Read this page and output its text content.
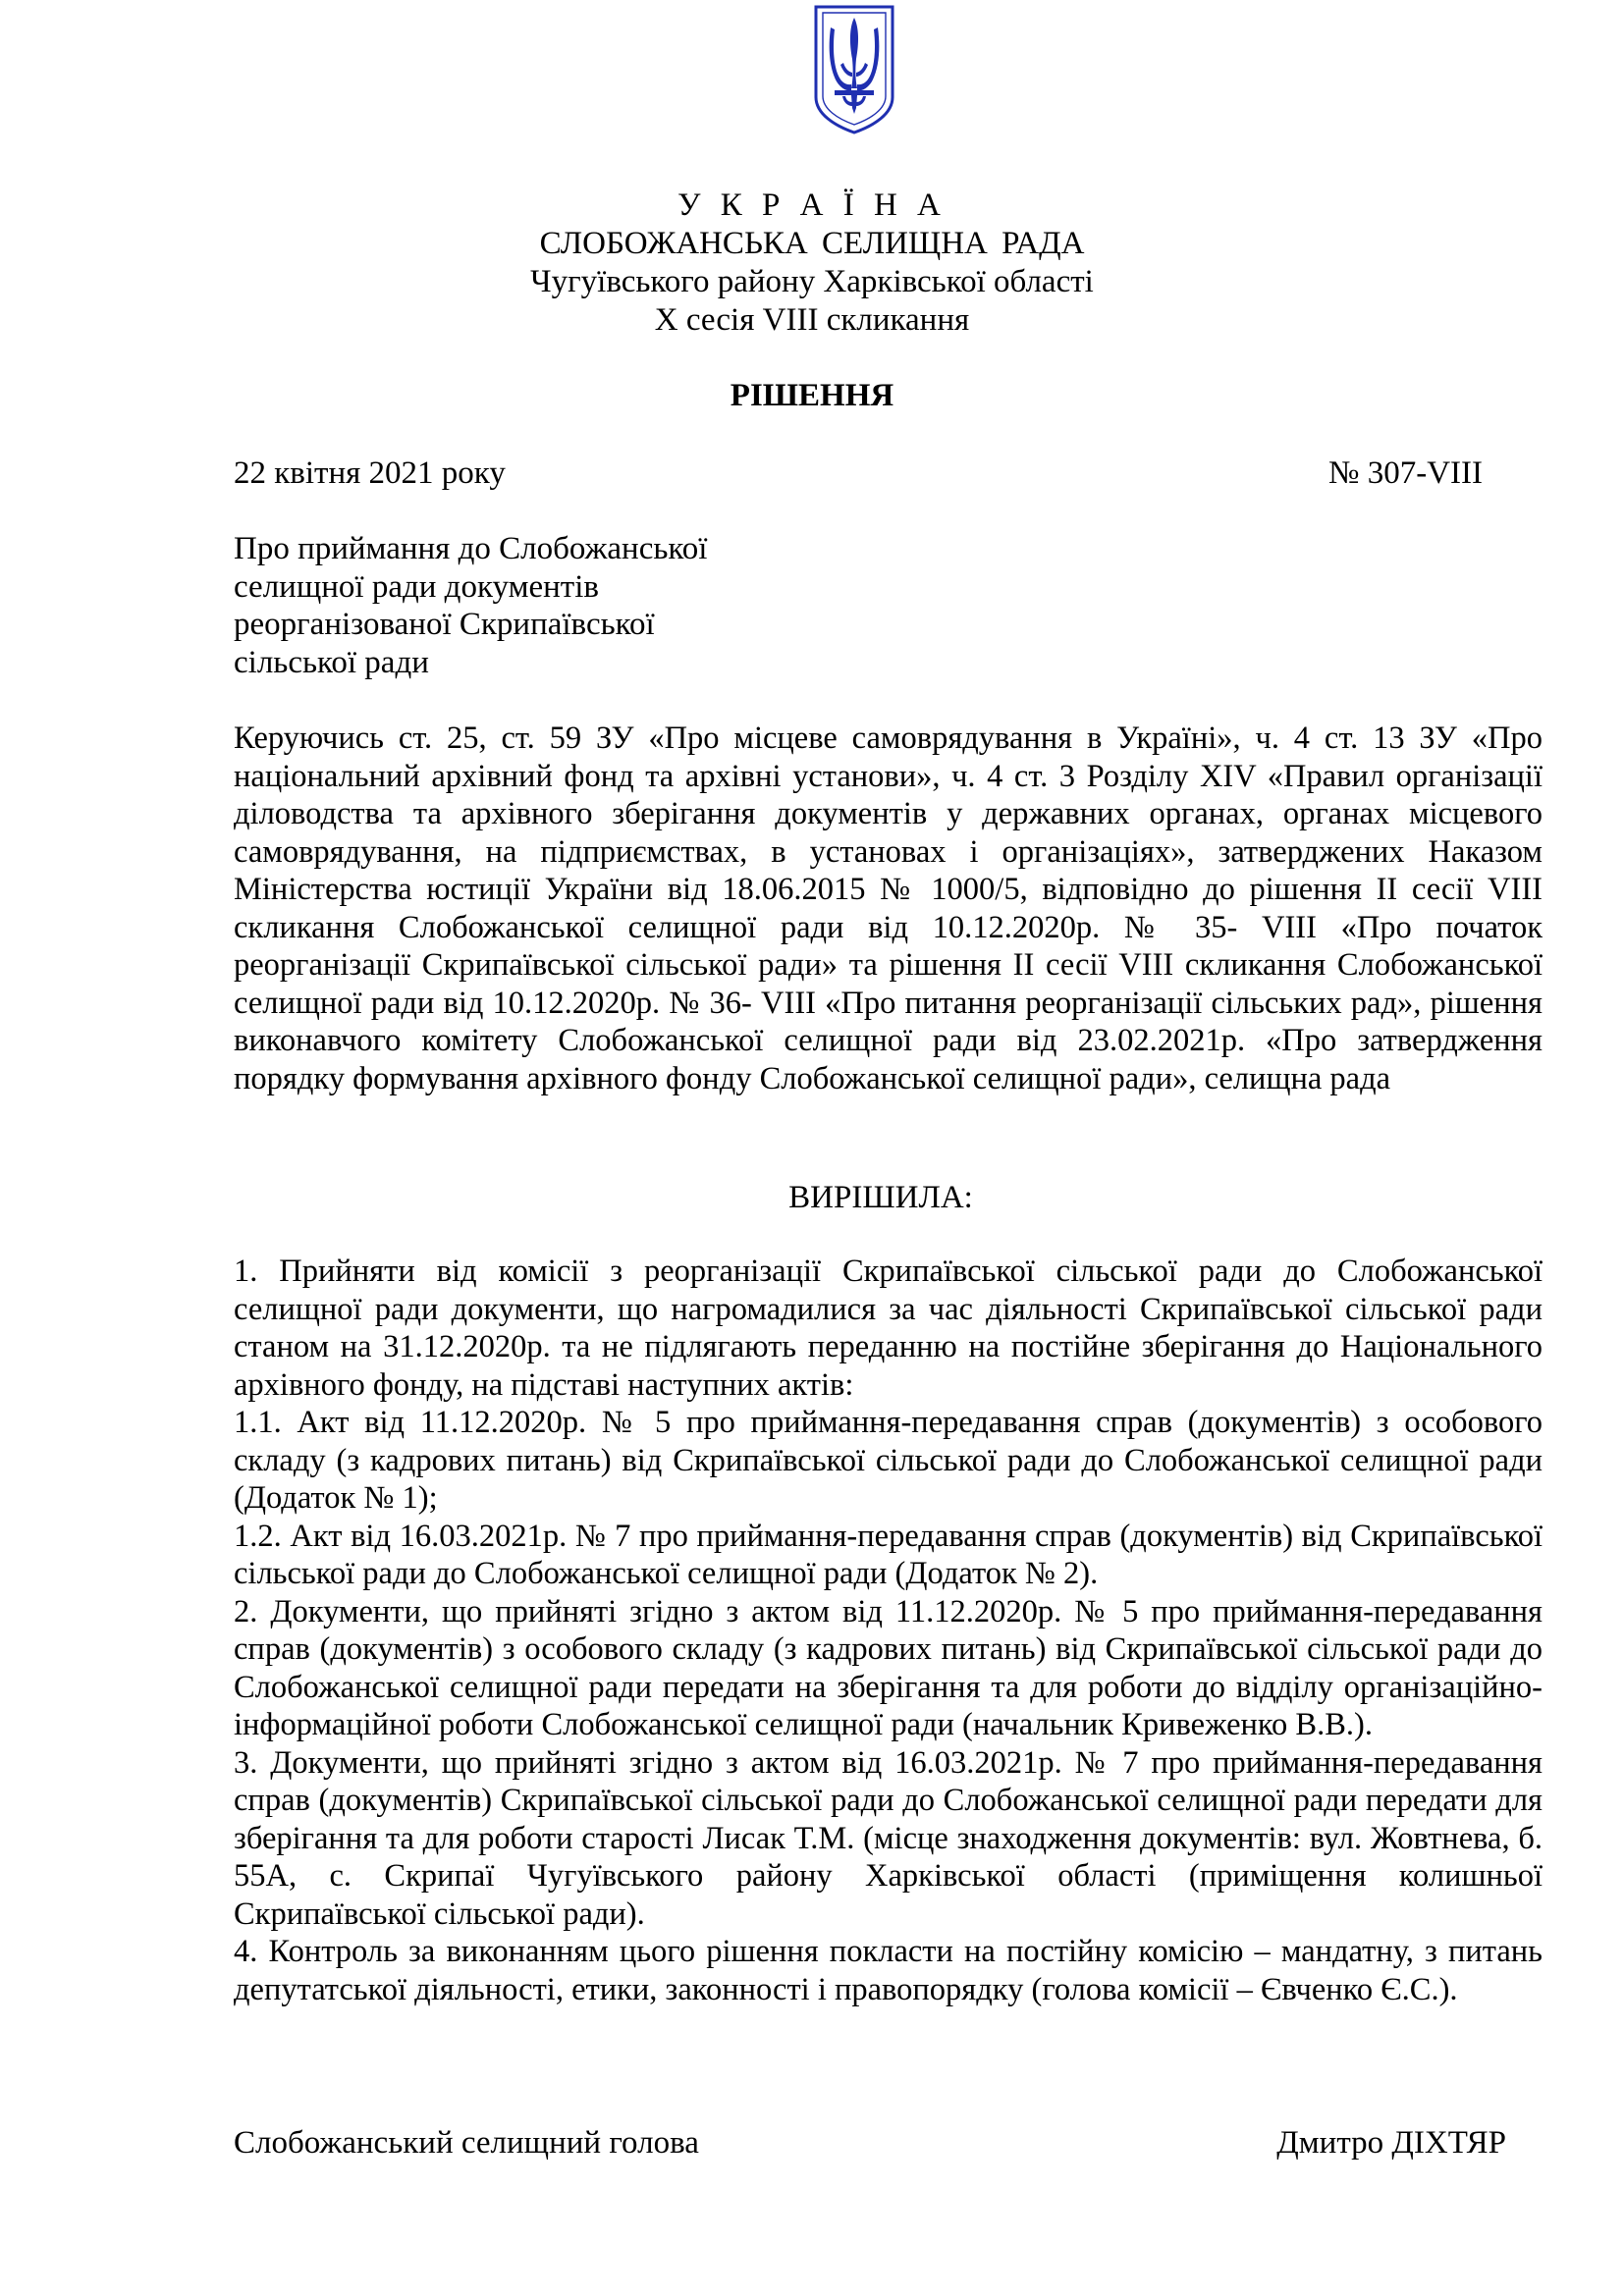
У К Р А Ї Н А
СЛОБОЖАНСЬКА СЕЛИЩНА РАДА
Чугуївського району Харківської області
Х сесія VIII скликання
РІШЕННЯ
22 квітня 2021 року	№ 307-VIII
Про приймання до Слобожанської
селищної ради документів
реорганізованої Скрипаївської
сільської ради
Керуючись ст. 25, ст. 59 ЗУ «Про місцеве самоврядування в Україні», ч. 4 ст. 13 ЗУ «Про національний архівний фонд та архівні установи», ч. 4 ст. 3 Розділу XIV «Правил організації діловодства та архівного зберігання документів у державних органах, органах місцевого самоврядування, на підприємствах, в установах і організаціях», затверджених Наказом Міністерства юстиції України від 18.06.2015 № 1000/5, відповідно до рішення ІІ сесії VIII скликання Слобожанської селищної ради від 10.12.2020р. № 35- VIII «Про початок реорганізації Скрипаївської сільської ради» та рішення ІІ сесії VIII скликання Слобожанської селищної ради від 10.12.2020р. № 36- VIII «Про питання реорганізації сільських рад», рішення виконавчого комітету Слобожанської селищної ради від 23.02.2021р. «Про затвердження порядку формування архівного фонду Слобожанської селищної ради», селищна рада
ВИРІШИЛА:

1. Прийняти від комісії з реорганізації Скрипаївської сільської ради до Слобожанської селищної ради документи, що нагромадилися за час діяльності Скрипаївської сільської ради станом на 31.12.2020р. та не підлягають переданню на постійне зберігання до Національного архівного фонду, на підставі наступних актів:

1.1. Акт від 11.12.2020р. № 5 про приймання-передавання справ (документів) з особового складу (з кадрових питань) від Скрипаївської сільської ради до Слобожанської селищної ради (Додаток № 1);

1.2. Акт від 16.03.2021р. № 7 про приймання-передавання справ (документів) від Скрипаївської сільської ради до Слобожанської селищної ради (Додаток № 2).

2. Документи, що прийняті згідно з актом від 11.12.2020р. № 5 про приймання-передавання справ (документів) з особового складу (з кадрових питань) від Скрипаївської сільської ради до Слобожанської селищної ради передати на зберігання та для роботи до відділу організаційно-інформаційної роботи Слобожанської селищної ради (начальник Кривеженко В.В.).

3. Документи, що прийняті згідно з актом від 16.03.2021р. № 7 про приймання-передавання справ (документів) Скрипаївської сільської ради до Слобожанської селищної ради передати для зберігання та для роботи старості Лисак Т.М. (місце знаходження документів: вул. Жовтнева, б. 55А, с. Скрипаї Чугуївського району Харківської області (приміщення колишньої Скрипаївської сільської ради).

4. Контроль за виконанням цього рішення покласти на постійну комісію – мандатну, з питань депутатської діяльності, етики, законності і правопорядку (голова комісії – Євченко Є.С.).

Слобожанський селищний голова	Дмитро ДІХТЯР
